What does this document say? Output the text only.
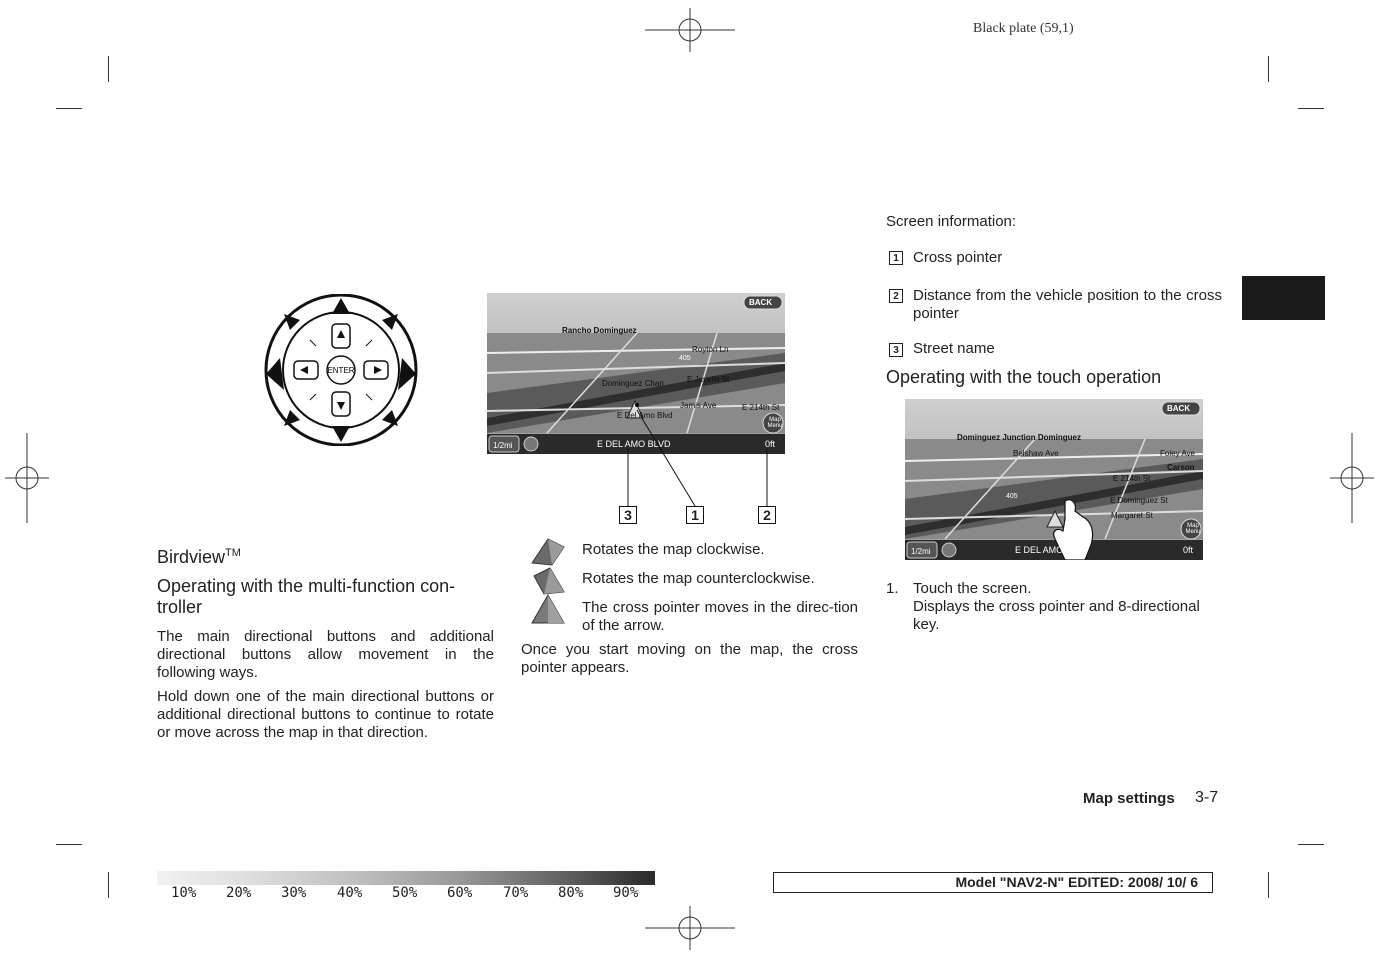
Black plate (59,1)
ENTER
Birdview™
Operating with the multi-function con-troller
The main directional buttons and additional directional buttons allow movement in the following ways.
Hold down one of the main directional buttons or additional directional buttons to continue to rotate or move across the map in that direction.
BACK
Rancho Dominguez
E Del Amo Blvd
Royton Ln
E Javelin St
E 214th St
405
Dominguez Chan
Jamis Ave
1/2mi	E DEL AMO BLVD	0ft
Map Menu
3	1	2
Rotates the map clockwise.
Rotates the map counterclockwise.
The cross pointer moves in the direc-tion of the arrow.
Once you start moving on the map, the cross pointer appears.
Screen information:
1 Cross pointer
2 Distance from the vehicle position to the cross pointer
3 Street name
Operating with the touch operation
BACK
Dominguez Junction Dominguez
Belshaw Ave	Foley Ave
Carson
E 214th St
E Dominguez St
Margaret St
405
1/2mi	E DEL AMO	0ft
Map Menu
1. Touch the screen.
Displays the cross pointer and 8-directional key.
Map settings 3-7
10% 20% 30% 40% 50% 60% 70% 80% 90%
Model "NAV2-N" EDITED: 2008/ 10/ 6
